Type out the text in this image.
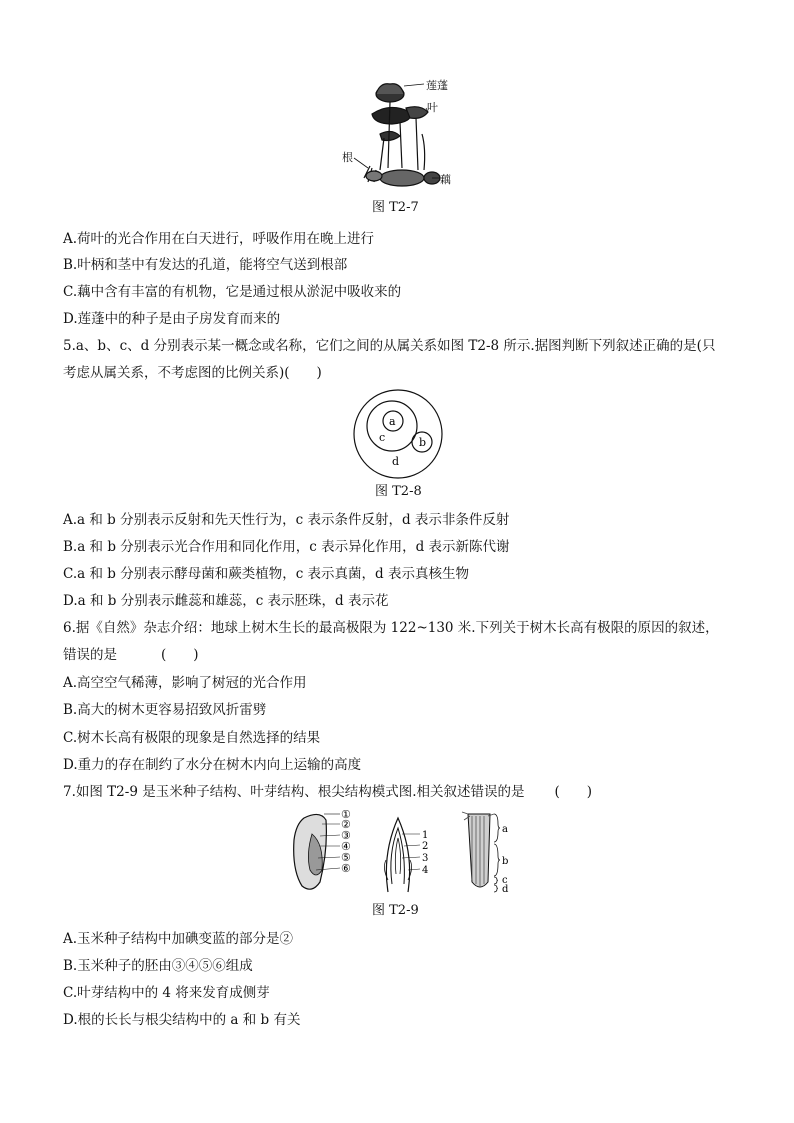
莲蓬
叶
根
藕
图 T2-7
A.荷叶的光合作用在白天进行，呼吸作用在晚上进行
B.叶柄和茎中有发达的孔道，能将空气送到根部
C.藕中含有丰富的有机物，它是通过根从淤泥中吸收来的
D.莲蓬中的种子是由子房发育而来的
5.a、b、c、d 分别表示某一概念或名称，它们之间的从属关系如图 T2-8 所示.据图判断下列叙述正确的是(只
考虑从属关系，不考虑图的比例关系)(　　)
a
b
c
d
图 T2-8
A.a 和 b 分别表示反射和先天性行为，c 表示条件反射，d 表示非条件反射
B.a 和 b 分别表示光合作用和同化作用，c 表示异化作用，d 表示新陈代谢
C.a 和 b 分别表示酵母菌和蕨类植物，c 表示真菌，d 表示真核生物
D.a 和 b 分别表示雌蕊和雄蕊，c 表示胚珠，d 表示花
6.据《自然》杂志介绍：地球上树木生长的最高极限为 122~130 米.下列关于树木长高有极限的原因的叙述，
错误的是	(　　)
A.高空空气稀薄，影响了树冠的光合作用
B.高大的树木更容易招致风折雷劈
C.树木长高有极限的现象是自然选择的结果
D.重力的存在制约了水分在树木内向上运输的高度
7.如图 T2-9 是玉米种子结构、叶芽结构、根尖结构模式图.相关叙述错误的是 (　　)
①
②
③
④
⑤
⑥
1
2
3
4
a
b
c
d
图 T2-9
A.玉米种子结构中加碘变蓝的部分是②
B.玉米种子的胚由③④⑤⑥组成
C.叶芽结构中的 4 将来发育成侧芽
D.根的长长与根尖结构中的 a 和 b 有关
